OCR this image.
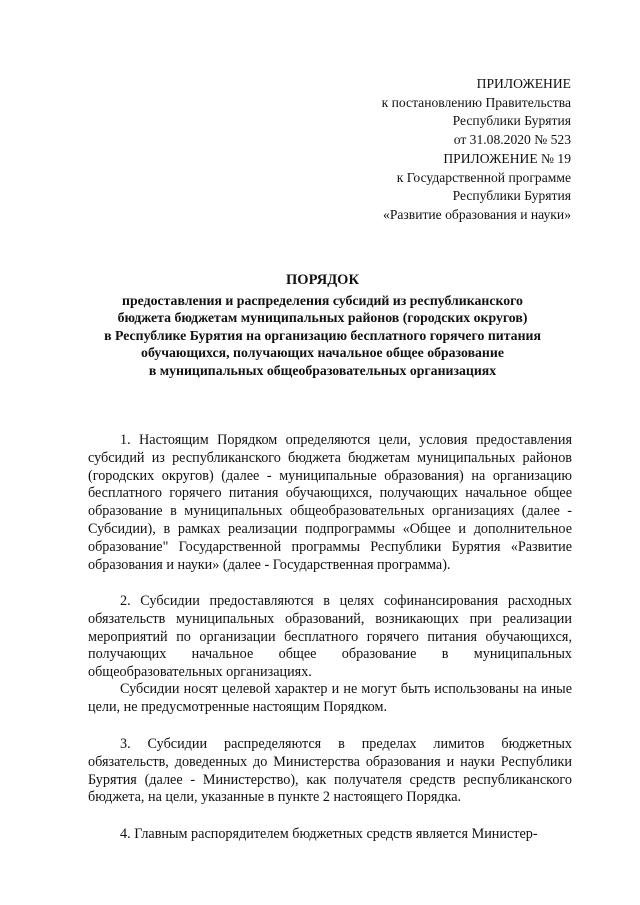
ПРИЛОЖЕНИЕ
к постановлению Правительства
Республики Бурятия
от 31.08.2020 № 523
ПРИЛОЖЕНИЕ № 19
к Государственной программе
Республики Бурятия
«Развитие образования и науки»
ПОРЯДОК
предоставления и распределения субсидий из республиканского
бюджета бюджетам муниципальных районов (городских округов)
в Республике Бурятия на организацию бесплатного горячего питания
обучающихся, получающих начальное общее образование
в муниципальных общеобразовательных организациях

1. Настоящим Порядком определяются цели, условия предоставления субсидий из республиканского бюджета бюджетам муниципальных районов (городских округов) (далее - муниципальные образования) на организацию бесплатного горячего питания обучающихся, получающих начальное общее образование в муниципальных общеобразовательных организациях (далее - Субсидии), в рамках реализации подпрограммы «Общее и дополнительное образование" Государственной программы Республики Бурятия «Развитие образования и науки» (далее - Государственная программа).

2. Субсидии предоставляются в целях софинансирования расходных обязательств муниципальных образований, возникающих при реализации мероприятий по организации бесплатного горячего питания обучающихся, получающих начальное общее образование в муниципальных общеобразовательных организациях.

Субсидии носят целевой характер и не могут быть использованы на иные цели, не предусмотренные настоящим Порядком.

3. Субсидии распределяются в пределах лимитов бюджетных обязательств, доведенных до Министерства образования и науки Республики Бурятия (далее - Министерство), как получателя средств республиканского бюджета, на цели, указанные в пункте 2 настоящего Порядка.

4. Главным распорядителем бюджетных средств является Министер-
